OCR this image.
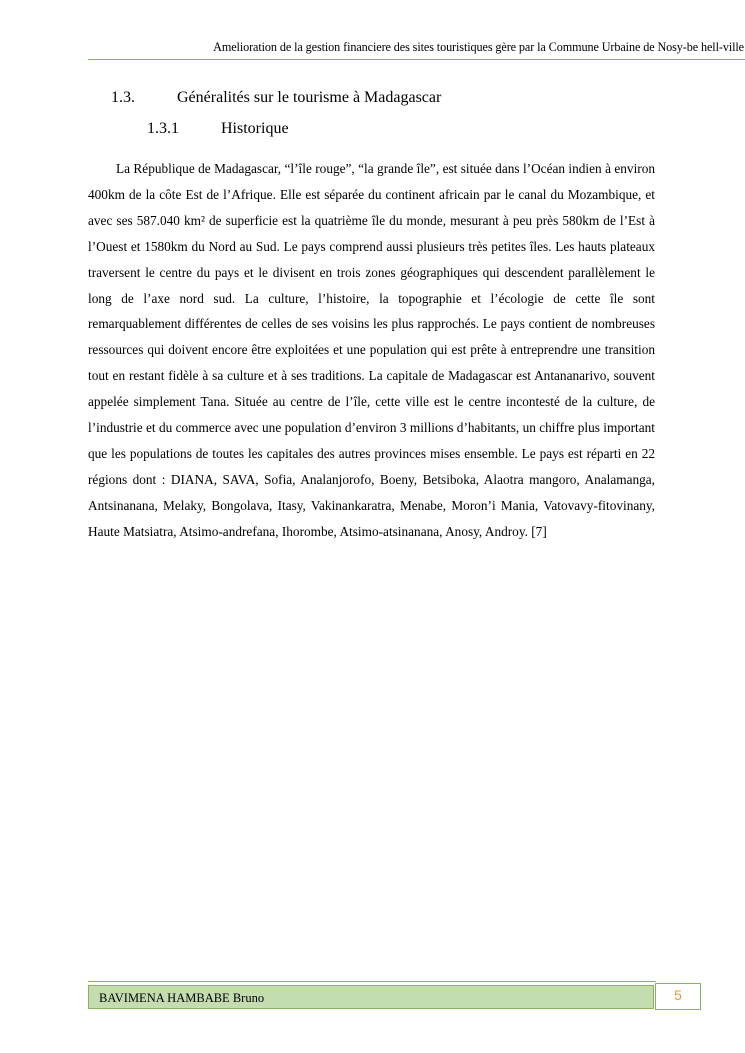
Amelioration de la gestion financiere des sites touristiques gère par la Commune Urbaine de Nosy-be hell-ville
1.3.	Généralités sur le tourisme à Madagascar
1.3.1	Historique

La République de Madagascar, “l’île rouge”, “la grande île”, est située dans l’Océan indien à environ 400km de la côte Est de l’Afrique. Elle est séparée du continent africain par le canal du Mozambique, et avec ses 587.040 km² de superficie est la quatrième île du monde, mesurant à peu près 580km de l’Est à l’Ouest et 1580km du Nord au Sud. Le pays comprend aussi plusieurs très petites îles. Les hauts plateaux traversent le centre du pays et le divisent en trois zones géographiques qui descendent parallèlement le long de l’axe nord sud. La culture, l’histoire, la topographie et l’écologie de cette île sont remarquablement différentes de celles de ses voisins les plus rapprochés. Le pays contient de nombreuses ressources qui doivent encore être exploitées et une population qui est prête à entreprendre une transition tout en restant fidèle à sa culture et à ses traditions. La capitale de Madagascar est Antananarivo, souvent appelée simplement Tana. Située au centre de l’île, cette ville est le centre incontesté de la culture, de l’industrie et du commerce avec une population d’environ 3 millions d’habitants, un chiffre plus important que les populations de toutes les capitales des autres provinces mises ensemble. Le pays est réparti en 22 régions dont : DIANA, SAVA, Sofia, Analanjorofo, Boeny, Betsiboka, Alaotra mangoro, Analamanga, Antsinanana, Melaky, Bongolava, Itasy, Vakinankaratra, Menabe, Moron’i Mania, Vatovavy-fitovinany, Haute Matsiatra, Atsimo-andrefana, Ihorombe, Atsimo-atsinanana, Anosy, Androy. [7]

BAVIMENA HAMBABE Bruno	5
